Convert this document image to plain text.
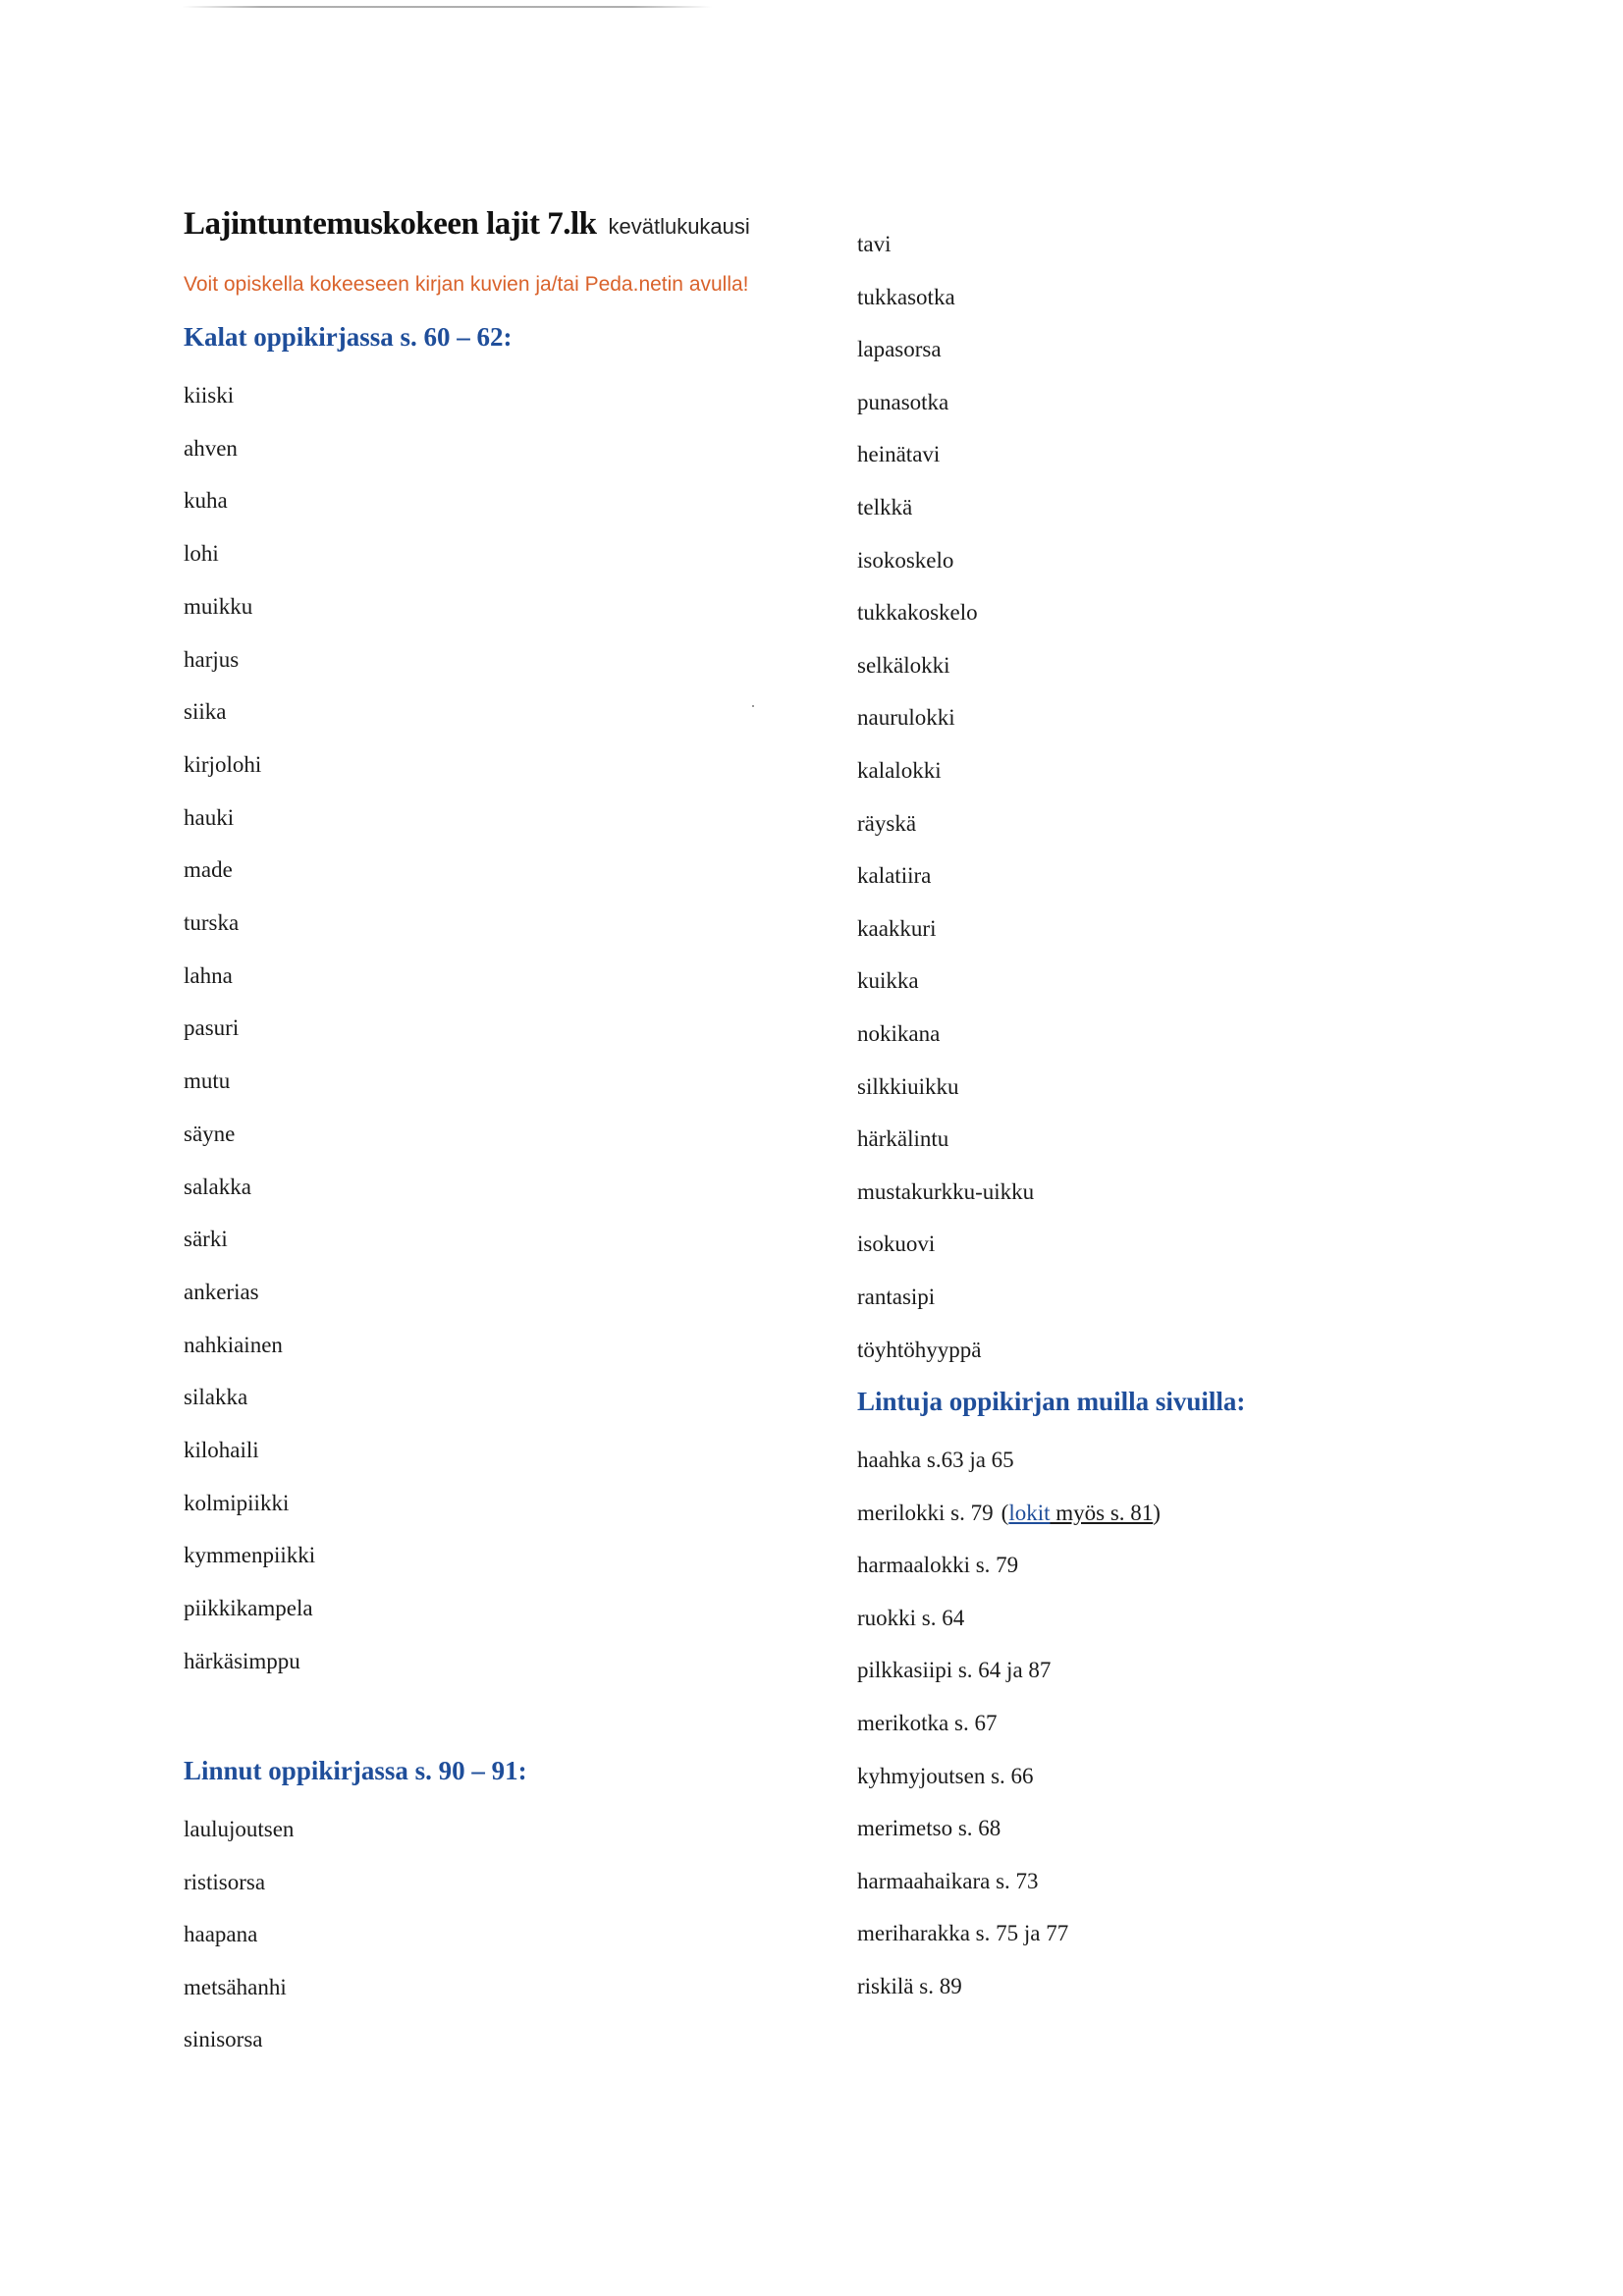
Lajintuntemuskokeen lajit 7.lk kevätlukukausi
Voit opiskella kokeeseen kirjan kuvien ja/tai Peda.netin avulla!
Kalat oppikirjassa s. 60 – 62:
kiiski
ahven
kuha
lohi
muikku
harjus
siika
kirjolohi
hauki
made
turska
lahna
pasuri
mutu
säyne
salakka
särki
ankerias
nahkiainen
silakka
kilohaili
kolmipiikki
kymmenpiikki
piikkikampela
härkäsimppu
Linnut oppikirjassa s. 90 – 91:
laulujoutsen
ristisorsa
haapana
metsähanhi
sinisorsa
tavi
tukkasotka
lapasorsa
punasotka
heinätavi
telkkä
isokoskelo
tukkakoskelo
selkälokki
naurulokki
kalalokki
räyskä
kalatiira
kaakkuri
kuikka
nokikana
silkkiuikku
härkälintu
mustakurkku-uikku
isokuovi
rantasipi
töyhtöhyyppä
Lintuja oppikirjan muilla sivuilla:
haahka s.63 ja 65
merilokki s. 79 (lokit myös s. 81)
harmaalokki s. 79
ruokki s. 64
pilkkasiipi s. 64 ja 87
merikotka s. 67
kyhmyjoutsen s. 66
merimetso s. 68
harmaahaikara s. 73
meriharakka s. 75 ja 77
riskilä s. 89
